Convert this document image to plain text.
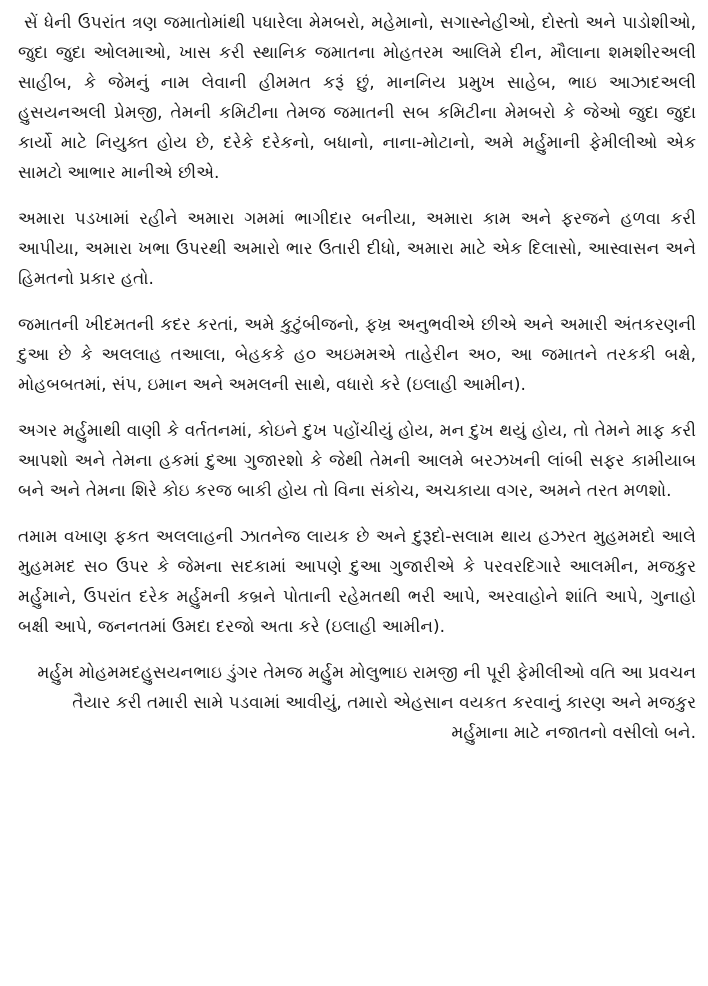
સેં ધેની ઉપરાંત ત્રણ જમાતોમાંથી પધારેલા મેમબરો, મહેમાનો, સગાસ્નેહીઓ, દોસ્તો અને પાડોશીઓ, જુદા જુદા ઓલમાઓ, ખાસ કરી સ્થાનિક જમાતના મોહતરમ આલિમે દીન, મૌલાના શમશીરઅલી સાહીબ, કે જેમનું નામ લેવાની હીમમત કરૂં છું, માનનિય પ્રમુખ સાહેબ, ભાઇ આઝાદઅલી હુસયનઅલી પ્રેમજી, તેમની કમિટીના તેમજ જમાતની સબ કમિટીના મેમબરો કે જેઓ જુદા જુદા કાર્યો માટે નિયુક્ત હોય છે, દરેકે દરેકનો, બધાનો, નાના-મોટાનો, અમે મર્હુમાની ફેમીલીઓ એક સામટો આભાર માનીએ છીએ.

અમારા પડખામાં રહીને અમારા ગમમાં ભાગીદાર બનીયા, અમારા કામ અને ફરજને હળવા કરી આપીયા, અમારા ખભા ઉપરથી અમારો ભાર ઉતારી દીધો, અમારા માટે એક દિલાસો, આસ્વાસન અને હિમતનો પ્રકાર હતો.

જમાતની ખીદમતની કદર કરતાં, અમે કુટુંબીજનો, ફખ્ર અનુભવીએ છીએ અને અમારી અંતકરણની દુઆ છે કે અલલાહ તઆલા, બેહકકે હ૦ અઇમમએ તાહેરીન અ૦, આ જમાતને તરકકી બક્ષે, મોહબબતમાં, સંપ, ઇમાન અને અમલની સાથે, વધારો કરે (ઇલાહી આમીન).

અગર મર્હુમાથી વાણી કે વર્તતનમાં, કોઇને દુખ પહોંચીયું હોય, મન દુખ થયું હોય, તો તેમને માફ કરી આપશો અને તેમના હકમાં દુઆ ગુજારશો કે જેથી તેમની આલમે બરઝખની લાંબી સફર કામીયાબ બને અને તેમના શિરે કોઇ કરજ બાકી હોય તો વિના સંકોચ, અચકાયા વગર, અમને તરત મળશો.

તમામ વખાણ ફકત અલલાહની ઝાતનેજ લાયક છે અને દુરૂદો-સલામ થાય હઝરત મુહમમદો આલે મુહમમદ સ૦ ઉપર કે જેમના સદકામાં આપણે દુઆ ગુજારીએ કે પરવરદિગારે આલમીન, મજકુર મર્હુમાને, ઉપરાંત દરેક મર્હુમની કબ્રને પોતાની રહેમતથી ભરી આપે, અરવાહોને શાંતિ આપે, ગુનાહો બક્ષી આપે, જનનતમાં ઉમદા દરજો અતા કરે (ઇલાહી આમીન).

મર્હુમ મોહમમદહુસયનભાઇ ડુંગર તેમજ મર્હુમ મોલુભાઇ રામજી ની પૂરી ફેમીલીઓ વતિ આ પ્રવચન તૈયાર કરી તમારી સામે પડવામાં આવીયું, તમારો એહસાન વયકત કરવાનું કારણ અને મજકુર મર્હુમાના માટે નજાતનો વસીલો બને.
